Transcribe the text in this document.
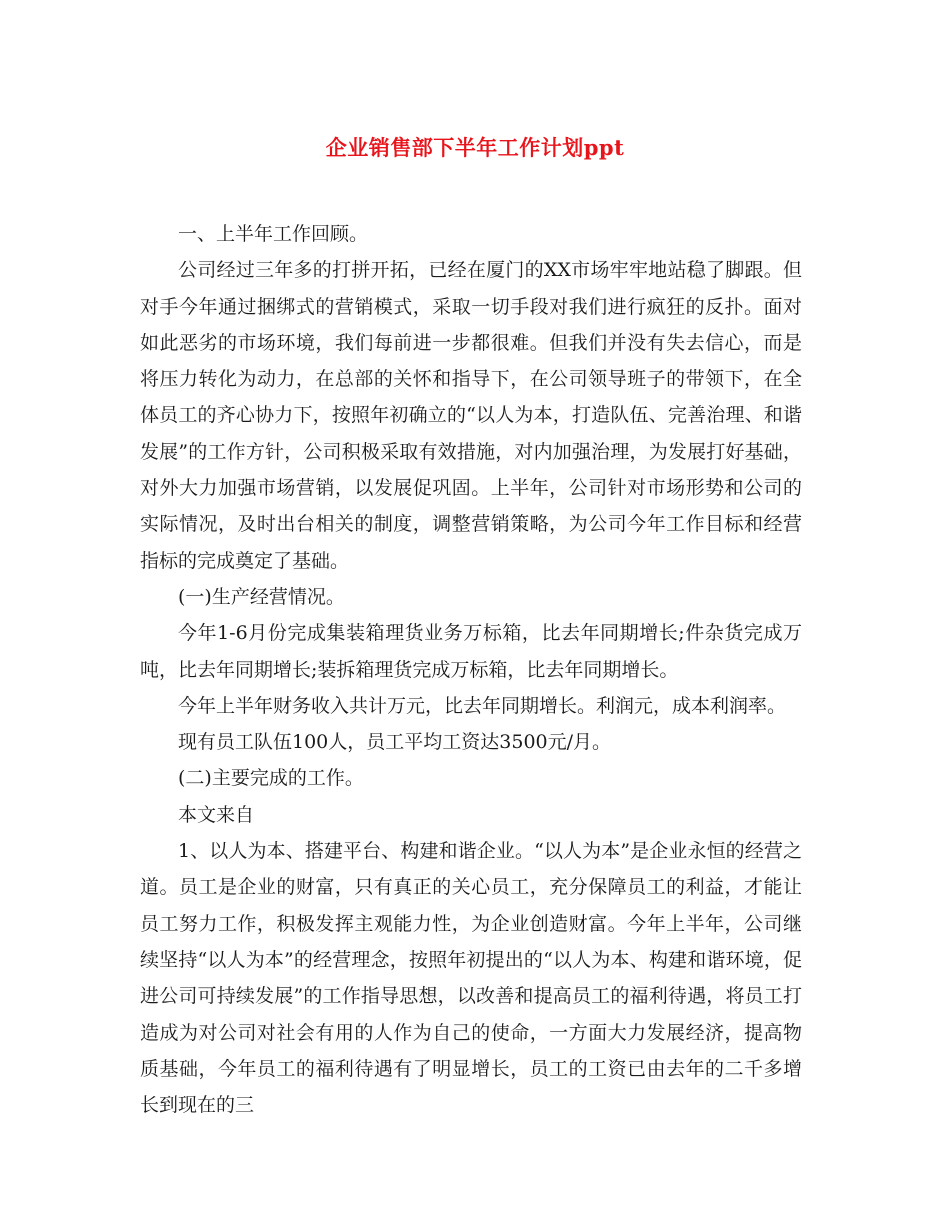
企业销售部下半年工作计划ppt

一、上半年工作回顾。

公司经过三年多的打拼开拓，已经在厦门的XX市场牢牢地站稳了脚跟。但对手今年通过捆绑式的营销模式，采取一切手段对我们进行疯狂的反扑。面对如此恶劣的市场环境，我们每前进一步都很难。但我们并没有失去信心，而是将压力转化为动力，在总部的关怀和指导下，在公司领导班子的带领下，在全体员工的齐心协力下，按照年初确立的“以人为本，打造队伍、完善治理、和谐发展”的工作方针，公司积极采取有效措施，对内加强治理，为发展打好基础，对外大力加强市场营销，以发展促巩固。上半年，公司针对市场形势和公司的实际情况，及时出台相关的制度，调整营销策略，为公司今年工作目标和经营指标的完成奠定了基础。

(一)生产经营情况。

今年1-6月份完成集装箱理货业务万标箱，比去年同期增长;件杂货完成万吨，比去年同期增长;装拆箱理货完成万标箱，比去年同期增长。

今年上半年财务收入共计万元，比去年同期增长。利润元，成本利润率。

现有员工队伍100人，员工平均工资达3500元/月。

(二)主要完成的工作。

本文来自

1、以人为本、搭建平台、构建和谐企业。“以人为本”是企业永恒的经营之道。员工是企业的财富，只有真正的关心员工，充分保障员工的利益，才能让员工努力工作，积极发挥主观能力性，为企业创造财富。今年上半年，公司继续坚持“以人为本”的经营理念，按照年初提出的“以人为本、构建和谐环境，促进公司可持续发展”的工作指导思想，以改善和提高员工的福利待遇，将员工打造成为对公司对社会有用的人作为自己的使命，一方面大力发展经济，提高物质基础，今年员工的福利待遇有了明显增长，员工的工资已由去年的二千多增长到现在的三
